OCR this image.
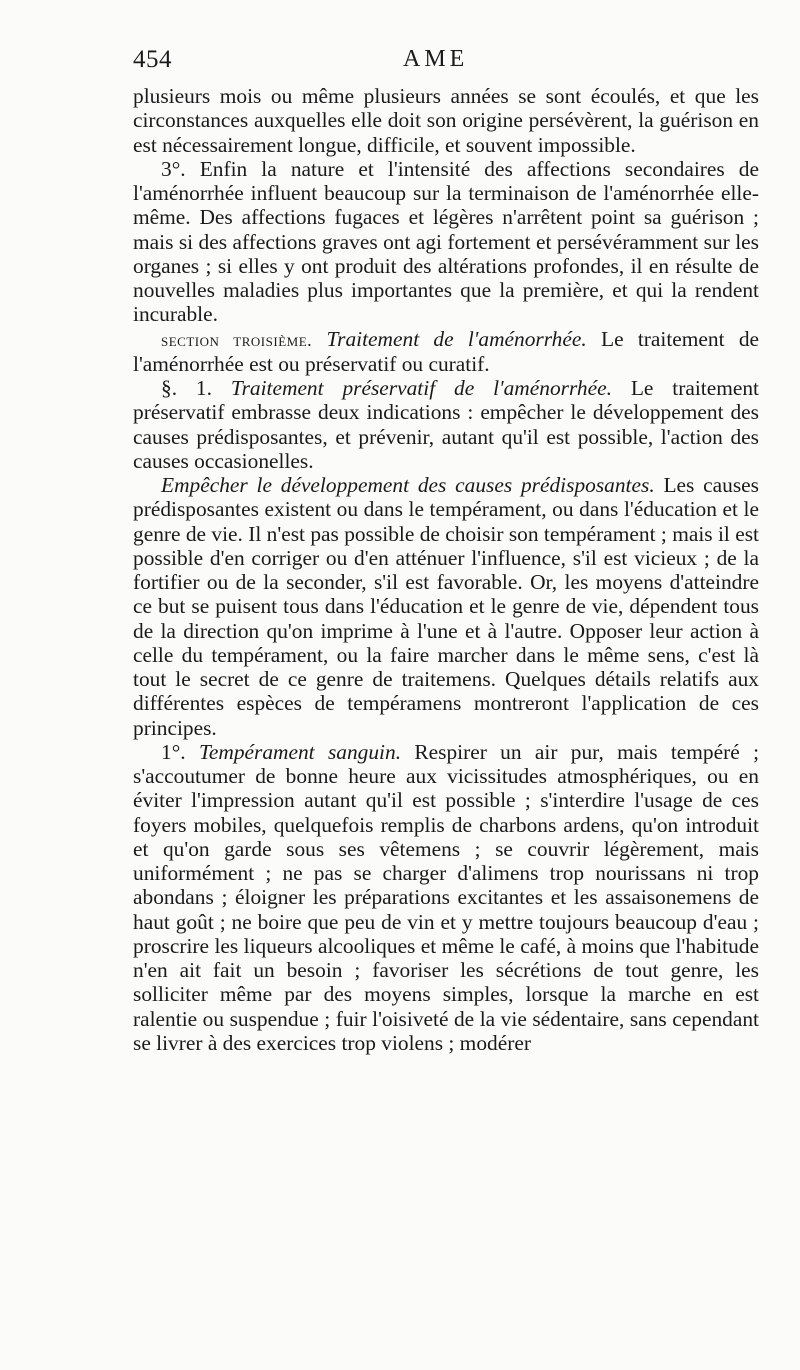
454	AME

plusieurs mois ou même plusieurs années se sont écoulés, et que les circonstances auxquelles elle doit son origine persévèrent, la guérison en est nécessairement longue, difficile, et souvent impossible.

3°. Enfin la nature et l'intensité des affections secondaires de l'aménorrhée influent beaucoup sur la terminaison de l'aménorrhée elle-même. Des affections fugaces et légères n'arrêtent point sa guérison ; mais si des affections graves ont agi fortement et persévéramment sur les organes ; si elles y ont produit des altérations profondes, il en résulte de nouvelles maladies plus importantes que la première, et qui la rendent incurable.

section troisième. Traitement de l'aménorrhée. Le traitement de l'aménorrhée est ou préservatif ou curatif.

§. 1. Traitement préservatif de l'aménorrhée. Le traitement préservatif embrasse deux indications : empêcher le développement des causes prédisposantes, et prévenir, autant qu'il est possible, l'action des causes occasionelles.

Empêcher le développement des causes prédisposantes. Les causes prédisposantes existent ou dans le tempérament, ou dans l'éducation et le genre de vie. Il n'est pas possible de choisir son tempérament ; mais il est possible d'en corriger ou d'en atténuer l'influence, s'il est vicieux ; de la fortifier ou de la seconder, s'il est favorable. Or, les moyens d'atteindre ce but se puisent tous dans l'éducation et le genre de vie, dépendent tous de la direction qu'on imprime à l'une et à l'autre. Opposer leur action à celle du tempérament, ou la faire marcher dans le même sens, c'est là tout le secret de ce genre de traitemens. Quelques détails relatifs aux différentes espèces de tempéramens montreront l'application de ces principes.

1°. Tempérament sanguin. Respirer un air pur, mais tempéré ; s'accoutumer de bonne heure aux vicissitudes atmosphériques, ou en éviter l'impression autant qu'il est possible ; s'interdire l'usage de ces foyers mobiles, quelquefois remplis de charbons ardens, qu'on introduit et qu'on garde sous ses vêtemens ; se couvrir légèrement, mais uniformément ; ne pas se charger d'alimens trop nourissans ni trop abondans ; éloigner les préparations excitantes et les assaisonemens de haut goût ; ne boire que peu de vin et y mettre toujours beaucoup d'eau ; proscrire les liqueurs alcooliques et même le café, à moins que l'habitude n'en ait fait un besoin ; favoriser les sécrétions de tout genre, les solliciter même par des moyens simples, lorsque la marche en est ralentie ou suspendue ; fuir l'oisiveté de la vie sédentaire, sans cependant se livrer à des exercices trop violens ; modérer
